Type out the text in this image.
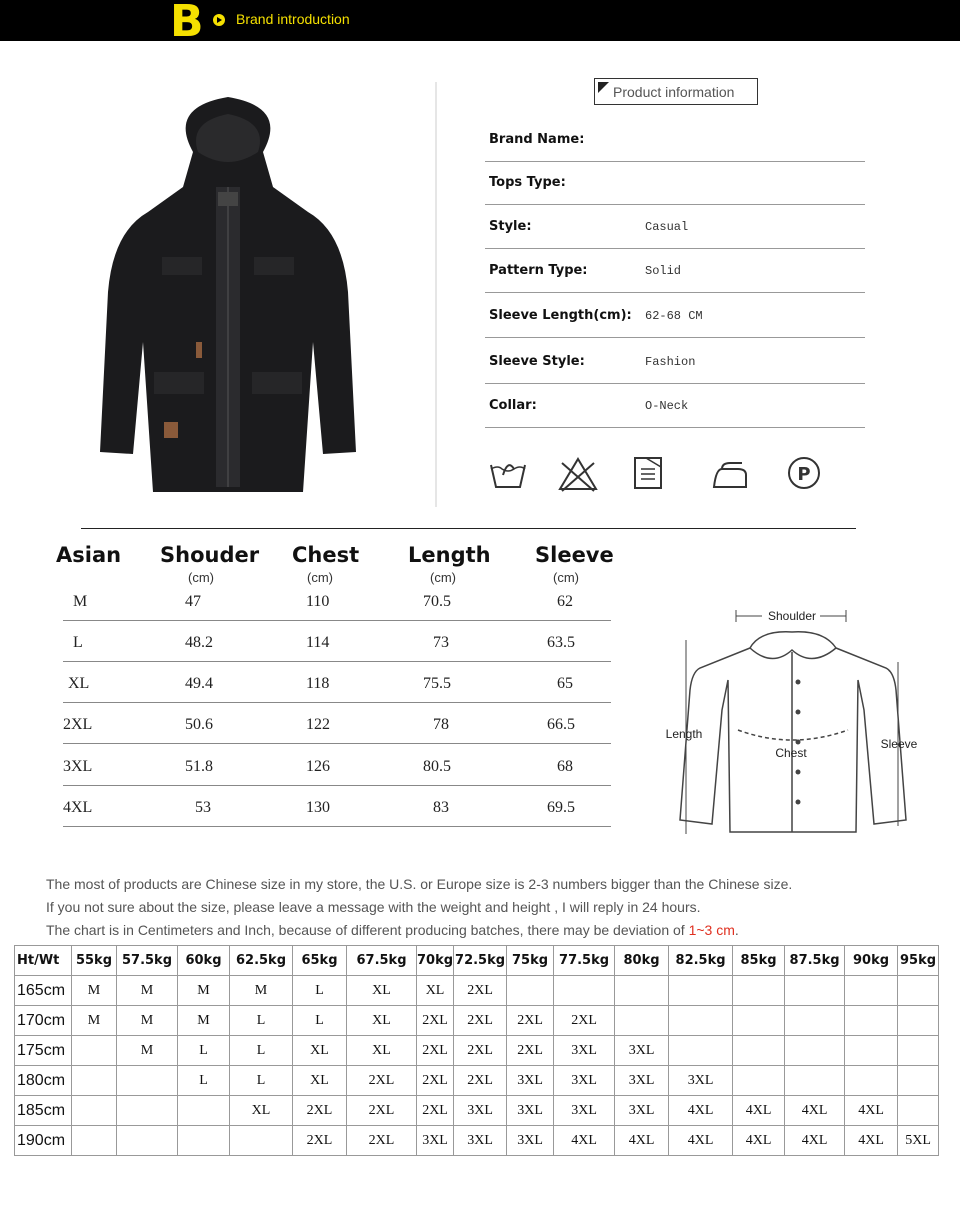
B Brand introduction
Product information
Brand Name:
Tops Type:
Style:	Casual
Pattern Type:	Solid
Sleeve Length(cm): 62-68 CM
Sleeve Style:	Fashion
Collar:	O-Neck
P
Asian Shouder Chest Length Sleeve
(cm)	(cm)	(cm)	(cm)
M	47	110	70.5	62
L	48.2	114	73	63.5
XL	49.4	118	75.5	65
2XL	50.6	122	78	66.5
3XL	51.8	126	80.5	68
4XL	53	130	83	69.5
Shoulder
Length
Chest
Sleeve
The most of products are Chinese size in my store, the U.S. or Europe size is 2-3 numbers bigger than the Chinese size.
If you not sure about the size, please leave a message with the weight and height , I will reply in 24 hours.
The chart is in Centimeters and Inch, because of different producing batches, there may be deviation of 1~3 cm.
Ht/Wt	55kg	57.5kg	60kg	62.5kg	65kg	67.5kg	70kg	72.5kg	75kg	77.5kg	80kg	82.5kg	85kg	87.5kg	90kg	95kg
165cm	M	M	M	M	L	XL	XL	2XL								
170cm	M	M	M	L	L	XL	2XL	2XL	2XL	2XL						
175cm		M	L	L	XL	XL	2XL	2XL	2XL	3XL	3XL					
180cm			L	L	XL	2XL	2XL	2XL	3XL	3XL	3XL	3XL				
185cm				XL	2XL	2XL	2XL	3XL	3XL	3XL	3XL	4XL	4XL	4XL	4XL	
190cm					2XL	2XL	3XL	3XL	3XL	4XL	4XL	4XL	4XL	4XL	4XL	5XL
